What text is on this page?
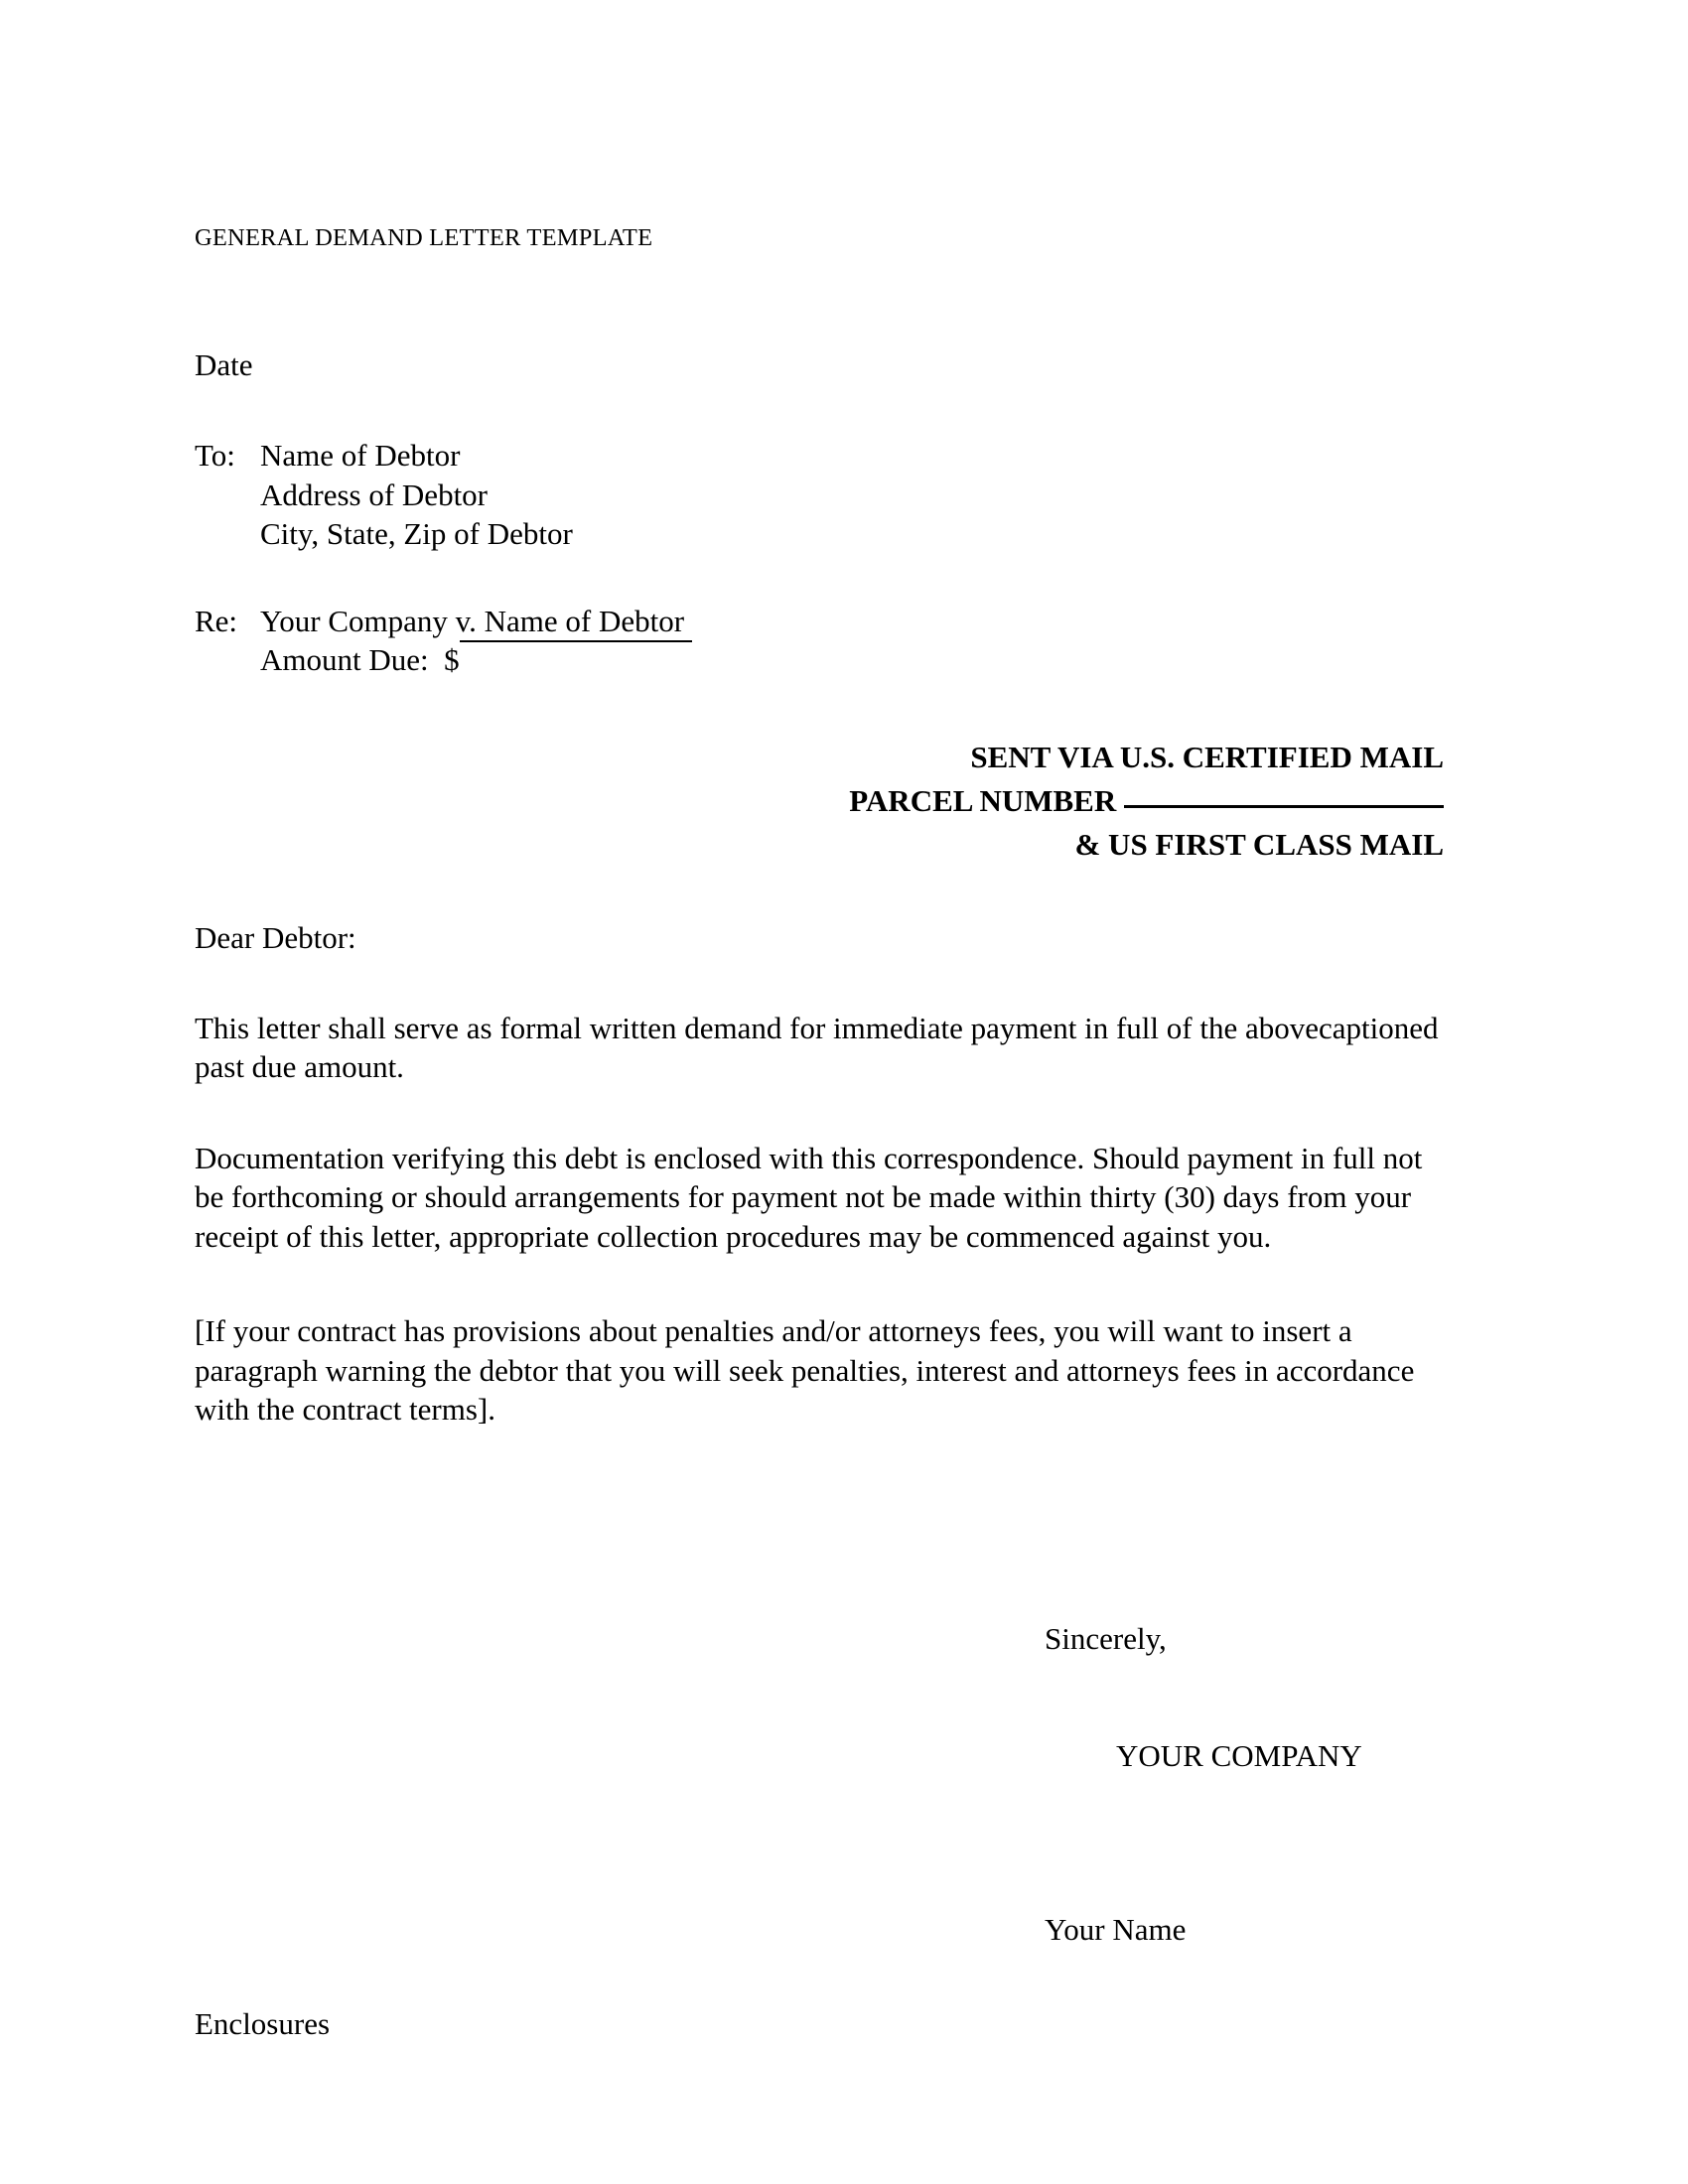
GENERAL DEMAND LETTER TEMPLATE
Date
To: Name of Debtor
Address of Debtor
City, State, Zip of Debtor
Re: Your Company v. Name of Debtor
Amount Due:  $
SENT VIA U.S. CERTIFIED MAIL
PARCEL NUMBER
& US FIRST CLASS MAIL
Dear Debtor:
This letter shall serve as formal written demand for immediate payment in full of the abovecaptioned past due amount.
Documentation verifying this debt is enclosed with this correspondence. Should payment in full not be forthcoming or should arrangements for payment not be made within thirty (30) days from your receipt of this letter, appropriate collection procedures may be commenced against you.
[If your contract has provisions about penalties and/or attorneys fees, you will want to insert a paragraph warning the debtor that you will seek penalties, interest and attorneys fees in accordance with the contract terms].

Sincerely,

YOUR COMPANY

Your Name
Enclosures
